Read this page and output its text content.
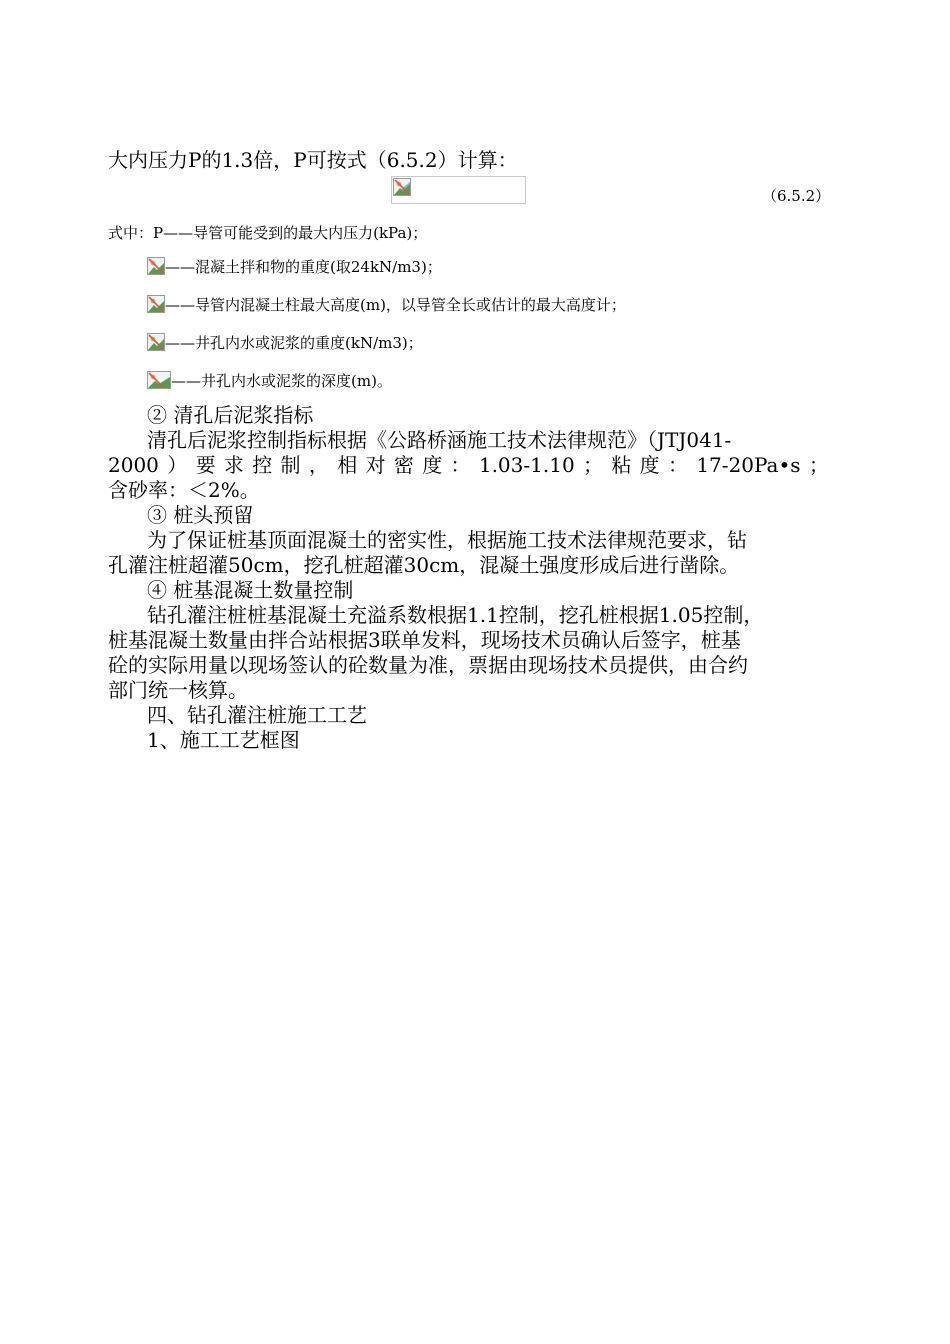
大内压力P的1.3倍，P可按式（6.5.2）计算：
（6.5.2）
式中：P——导管可能受到的最大内压力(kPa)；
——混凝土拌和物的重度(取24kN/m3)；
——导管内混凝土柱最大高度(m)，以导管全长或估计的最大高度计；
——井孔内水或泥浆的重度(kN/m3)；
——井孔内水或泥浆的深度(m)。
② 清孔后泥浆指标
清孔后泥浆控制指标根据《公路桥涵施工技术法律规范》（JTJ041-
2000 ） 要 求 控 制 ， 相 对 密 度 ： 1.03-1.10 ； 粘 度 ： 17-20Pa•s ；
含砂率：＜2%。
③ 桩头预留
为了保证桩基顶面混凝土的密实性，根据施工技术法律规范要求，钻
孔灌注桩超灌50cm，挖孔桩超灌30cm，混凝土强度形成后进行凿除。
④ 桩基混凝土数量控制
钻孔灌注桩桩基混凝土充溢系数根据1.1控制，挖孔桩根据1.05控制，
桩基混凝土数量由拌合站根据3联单发料，现场技术员确认后签字，桩基
砼的实际用量以现场签认的砼数量为准，票据由现场技术员提供，由合约
部门统一核算。
四、钻孔灌注桩施工工艺
1、施工工艺框图
